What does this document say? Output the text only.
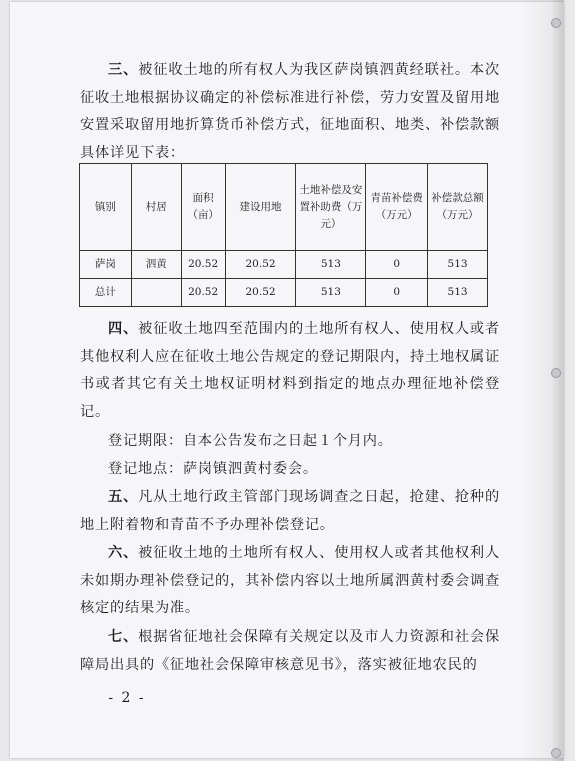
三、被征收土地的所有权人为我区萨岗镇泗黄经联社。本次征收土地根据协议确定的补偿标准进行补偿，劳力安置及留用地安置采取留用地折算货币补偿方式，征地面积、地类、补偿款额具体详见下表：
镇别	村居	面积（亩）	建设用地	土地补偿及安置补助费（万元）	青苗补偿费（万元）	补偿款总额（万元）
萨岗	泗黄	20.52	20.52	513	0	513
总计		20.52	20.52	513	0	513
四、被征收土地四至范围内的土地所有权人、使用权人或者其他权利人应在征收土地公告规定的登记期限内，持土地权属证书或者其它有关土地权证明材料到指定的地点办理征地补偿登记。
登记期限：自本公告发布之日起１个月内。
登记地点：萨岗镇泗黄村委会。
五、凡从土地行政主管部门现场调查之日起，抢建、抢种的地上附着物和青苗不予办理补偿登记。
六、被征收土地的土地所有权人、使用权人或者其他权利人未如期办理补偿登记的，其补偿内容以土地所属泗黄村委会调查核定的结果为准。
七、根据省征地社会保障有关规定以及市人力资源和社会保障局出具的《征地社会保障审核意见书》，落实被征地农民的
- 2 -
